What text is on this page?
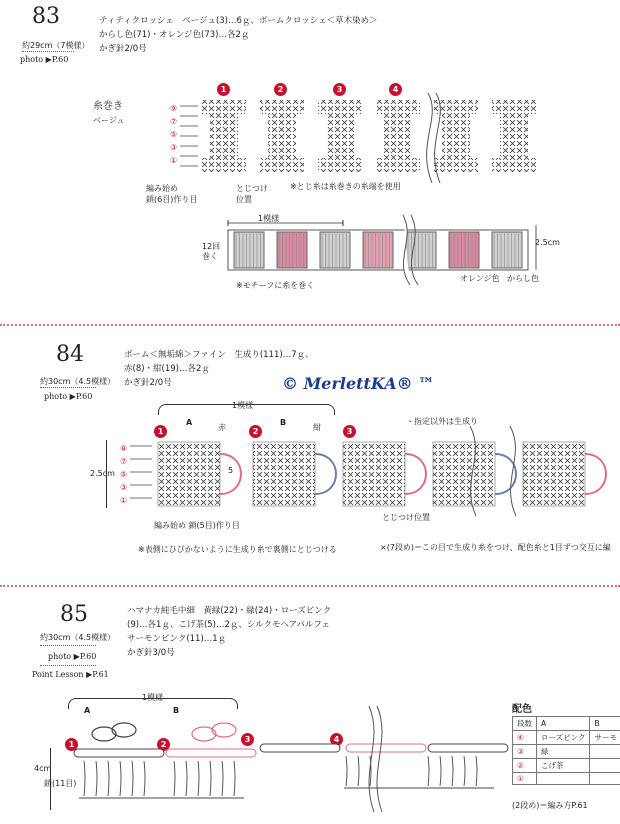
83
約29cm（7模様）
photo ▶P.60
ティティクロッシェ　ベージュ(3)…6ｇ、ボームクロッシェ＜草木染め＞
からし色(71)・オレンジ色(73)…各2ｇ
かぎ針2/0号
糸巻き
ベージュ
1	2	3	4
⑨
⑦
⑤
③
①
編み始め
鎖(6目)作り目
とじつけ
位置
※とじ糸は糸巻きの糸端を使用
1模様
12回
巻く
2.5cm
オレンジ色 からし色
※モチーフに糸を巻く
84
約30cm（4.5模様）
photo ▶P.60
ボーム＜無垢綿＞ファイン　生成り(111)…7ｇ、
赤(8)・紺(19)…各2ｇ
かぎ針2/0号	© MerlettKA® ™
1模様
A	B
赤	紺
・指定以外は生成り
1	2	3
⑧
⑦
⑤
③
①
2.5cm	5
編み始め 鎖(5目)作り目
とじつけ位置
※表側にひびかないように生成り糸で裏側にとじつける	×(7段め)＝この目で生成り糸をつけ、配色糸と1目ずつ交互に編
85
約30cm（4.5模様）
photo ▶P.60
Point Lesson ▶P.61
ハマナカ純毛中細　黄緑(22)・緑(24)・ローズピンク
(9)…各1ｇ、こげ茶(5)…2ｇ、シルクモヘアパルフェ
サーモンピンク(11)…1ｇ
かぎ針3/0号
1模様
A	B
1	2
3	4
4cm
鎖(11目)
配色
段数	A	B
④	ローズピンク	サーモ
③	緑	
②	こげ茶	
①		
(2段め)＝編み方P.61
